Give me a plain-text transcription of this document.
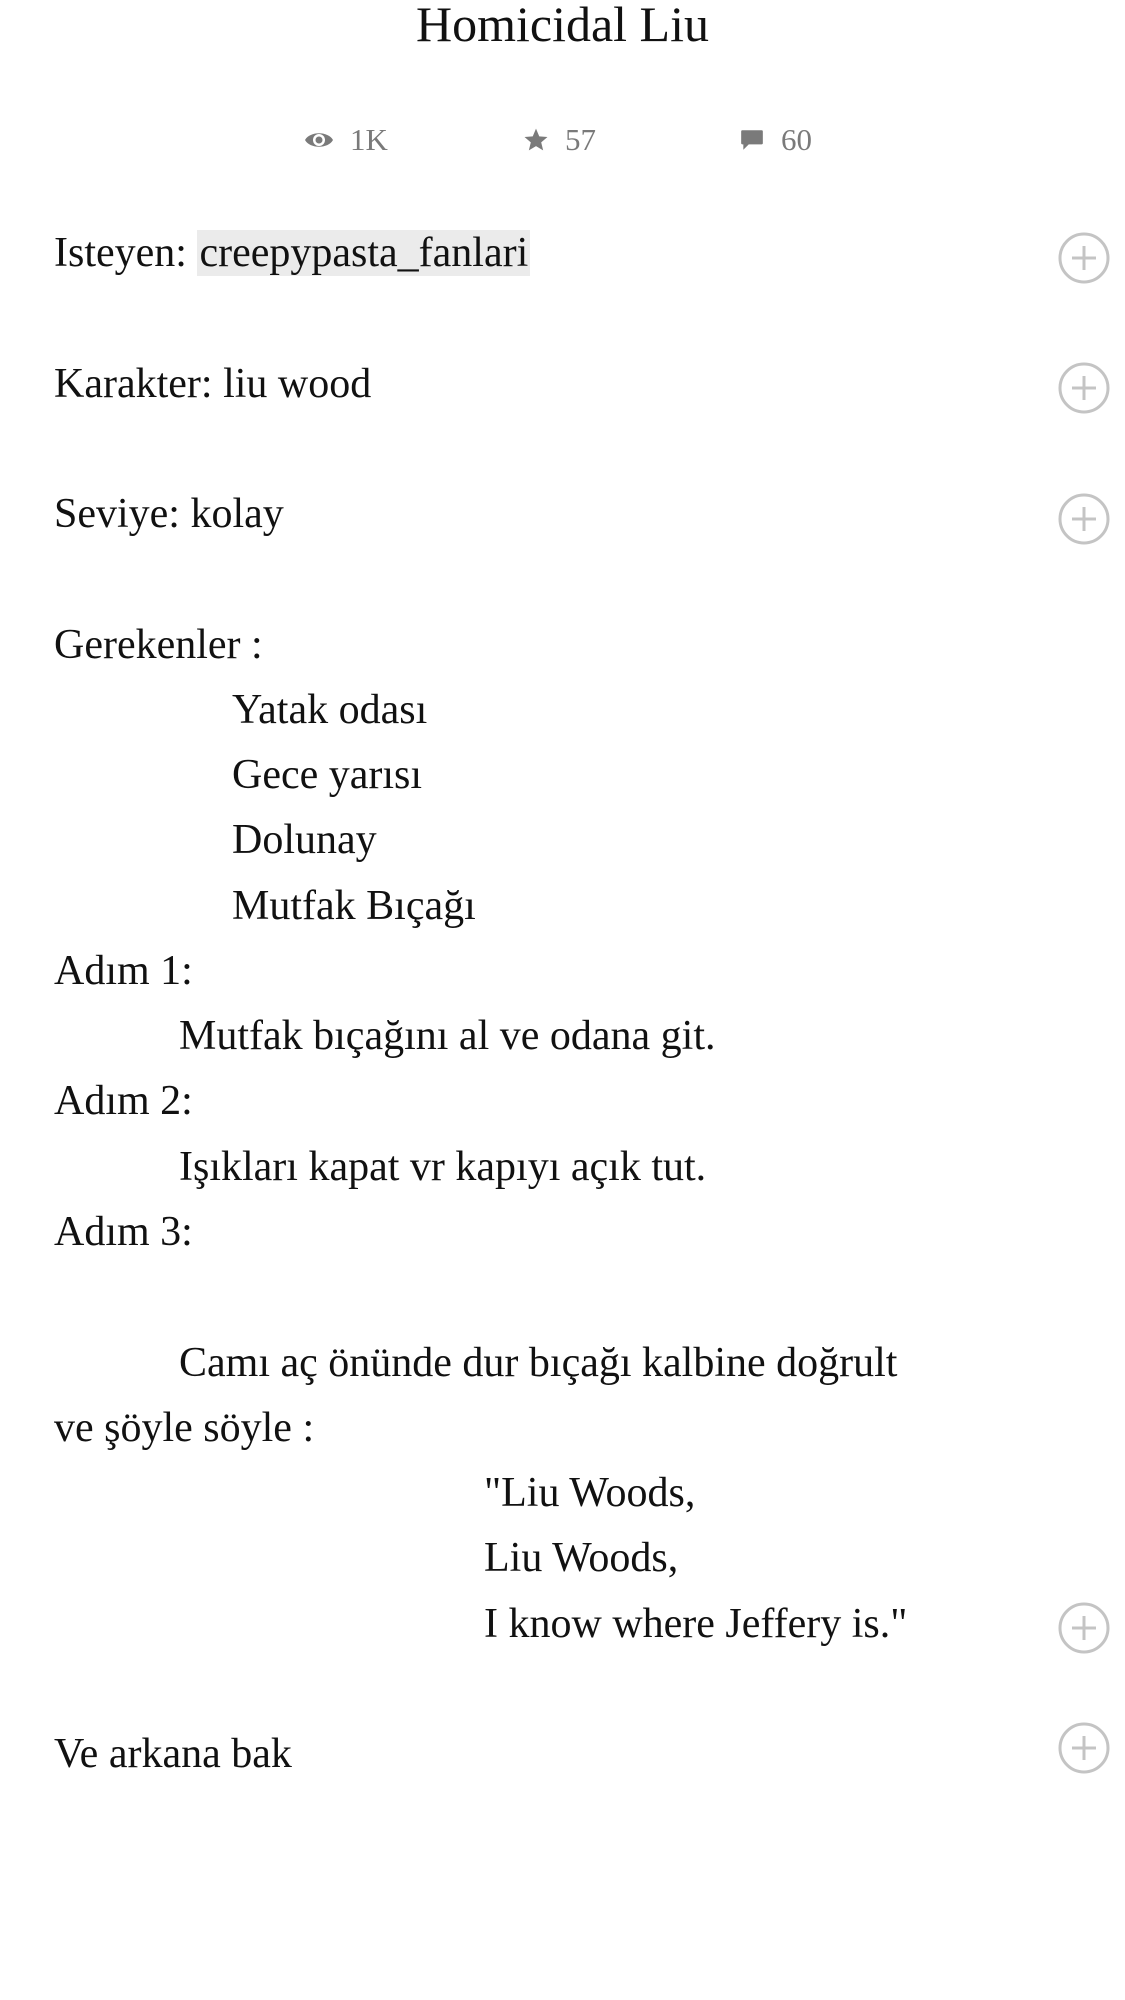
Homicidal Liu
1K	57	60
Isteyen: creepypasta_fanlari
Karakter: liu wood
Seviye: kolay
Gerekenler :
Yatak odası
Gece yarısı
Dolunay
Mutfak Bıçağı
Adım 1:
Mutfak bıçağını al ve odana git.
Adım 2:
Işıkları kapat vr kapıyı açık tut.
Adım 3:
Camı aç önünde dur bıçağı kalbine doğrult
ve şöyle söyle :
"Liu Woods,
Liu Woods,
I know where Jeffery is."
Ve arkana bak
